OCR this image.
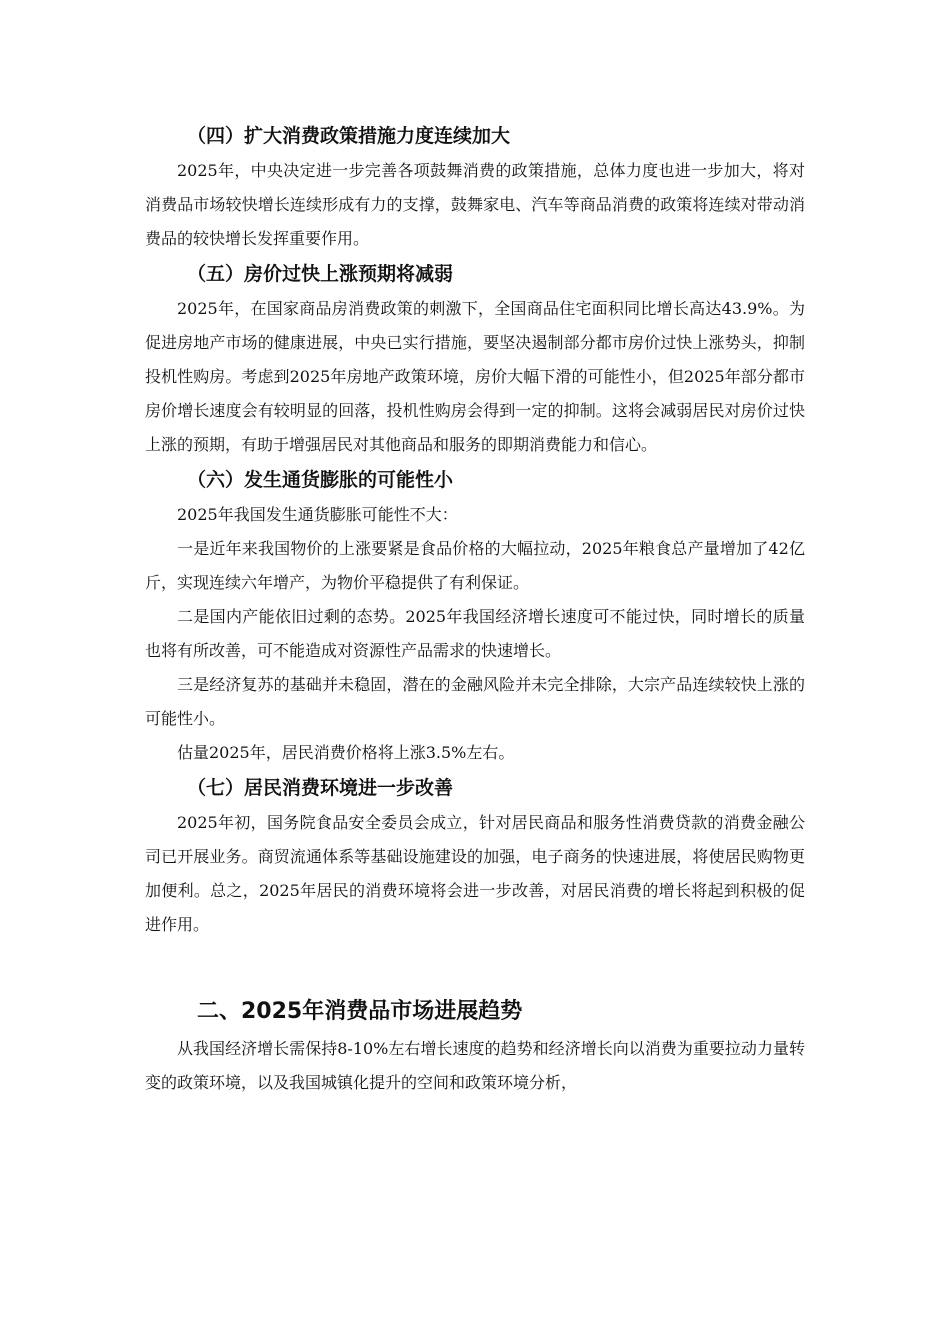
（四）扩大消费政策措施力度连续加大

2025年，中央决定进一步完善各项鼓舞消费的政策措施，总体力度也进一步加大，将对消费品市场较快增长连续形成有力的支撑，鼓舞家电、汽车等商品消费的政策将连续对带动消费品的较快增长发挥重要作用。

（五）房价过快上涨预期将减弱

2025年，在国家商品房消费政策的刺激下，全国商品住宅面积同比增长高达43.9%。为促进房地产市场的健康进展，中央已实行措施，要坚决遏制部分都市房价过快上涨势头，抑制投机性购房。考虑到2025年房地产政策环境，房价大幅下滑的可能性小，但2025年部分都市房价增长速度会有较明显的回落，投机性购房会得到一定的抑制。这将会减弱居民对房价过快上涨的预期，有助于增强居民对其他商品和服务的即期消费能力和信心。

（六）发生通货膨胀的可能性小

2025年我国发生通货膨胀可能性不大：

一是近年来我国物价的上涨要紧是食品价格的大幅拉动，2025年粮食总产量增加了42亿斤，实现连续六年增产，为物价平稳提供了有利保证。

二是国内产能依旧过剩的态势。2025年我国经济增长速度可不能过快，同时增长的质量也将有所改善，可不能造成对资源性产品需求的快速增长。

三是经济复苏的基础并未稳固，潜在的金融风险并未完全排除，大宗产品连续较快上涨的可能性小。

估量2025年，居民消费价格将上涨3.5%左右。

（七）居民消费环境进一步改善

2025年初，国务院食品安全委员会成立，针对居民商品和服务性消费贷款的消费金融公司已开展业务。商贸流通体系等基础设施建设的加强，电子商务的快速进展，将使居民购物更加便利。总之，2025年居民的消费环境将会进一步改善，对居民消费的增长将起到积极的促进作用。

二、2025年消费品市场进展趋势

从我国经济增长需保持8-10%左右增长速度的趋势和经济增长向以消费为重要拉动力量转变的政策环境，以及我国城镇化提升的空间和政策环境分析，
